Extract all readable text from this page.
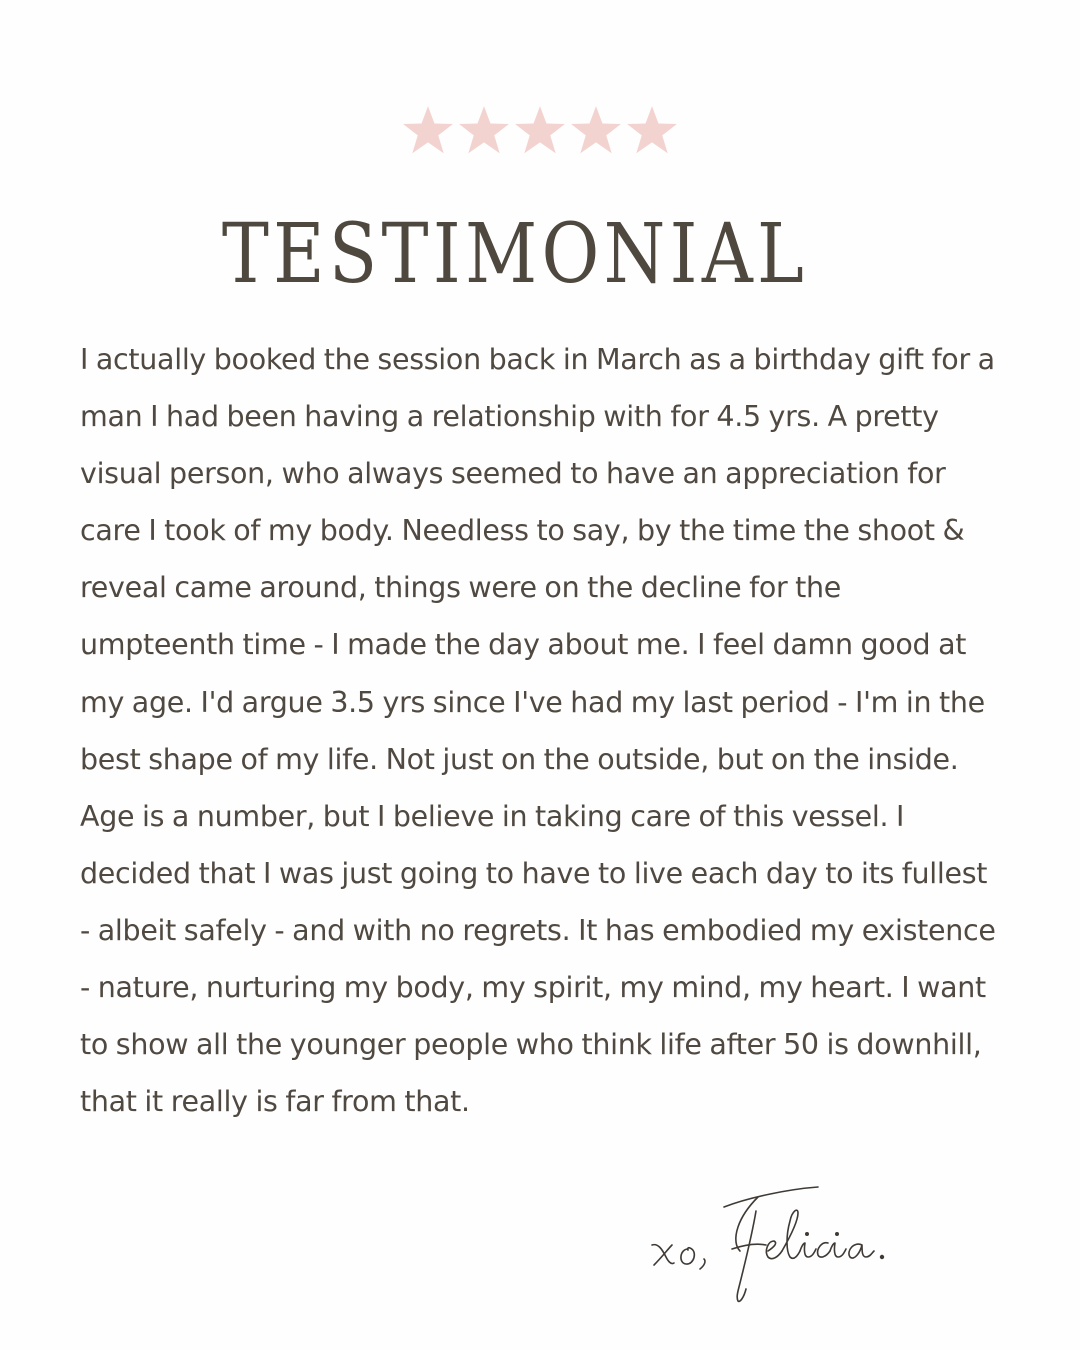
TESTIMONIAL

I actually booked the session back in March as a birthday gift for a man I had been having a relationship with for 4.5 yrs. A pretty visual person, who always seemed to have an appreciation for care I took of my body. Needless to say, by the time the shoot & reveal came around, things were on the decline for the umpteenth time - I made the day about me. I feel damn good at my age. I'd argue 3.5 yrs since I've had my last period - I'm in the best shape of my life. Not just on the outside, but on the inside. Age is a number, but I believe in taking care of this vessel. I decided that I was just going to have to live each day to its fullest - albeit safely - and with no regrets. It has embodied my existence - nature, nurturing my body, my spirit, my mind, my heart. I want to show all the younger people who think life after 50 is downhill, that it really is far from that.
